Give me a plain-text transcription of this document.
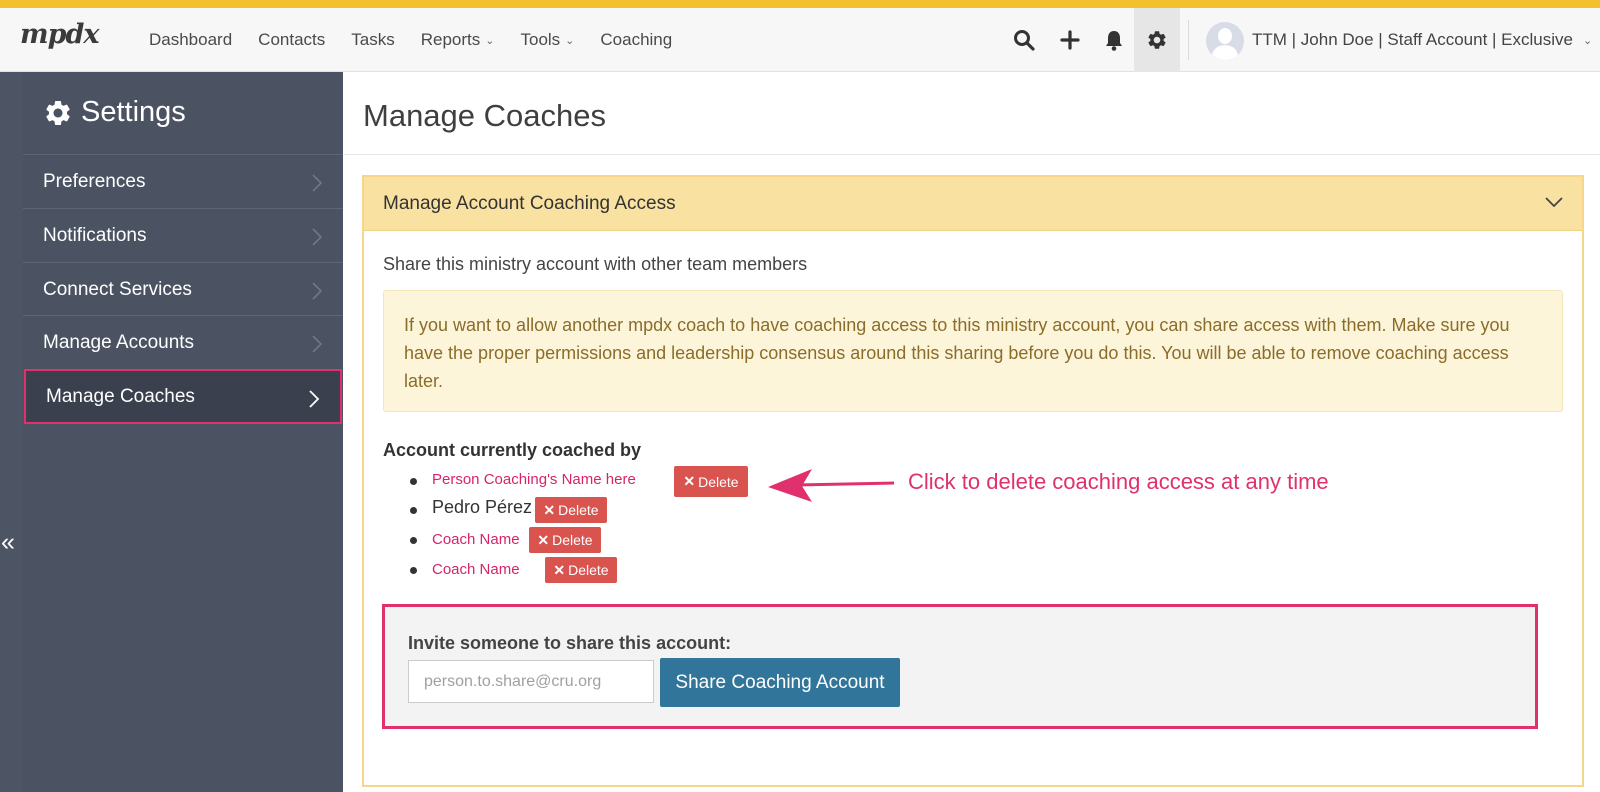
mpdx	Dashboard Contacts Tasks Reports ⌄ Tools ⌄ Coaching	TTM | John Doe | Staff Account | Exclusive ⌄
«
Settings
Preferences
Notifications
Connect Services
Manage Accounts
Manage Coaches
Manage Coaches
Manage Account Coaching Access
Share this ministry account with other team members
If you want to allow another mpdx coach to have coaching access to this ministry account, you can share access with them. Make sure you have the proper permissions and leadership consensus around this sharing before you do this. You will be able to remove coaching access later.
Account currently coached by
Person Coaching's Name here	✕ Delete
Pedro Pérez ✕ Delete
Coach Name ✕ Delete
Coach Name ✕ Delete
Click to delete coaching access at any time
Invite someone to share this account:
person.to.share@cru.org
Share Coaching Account
